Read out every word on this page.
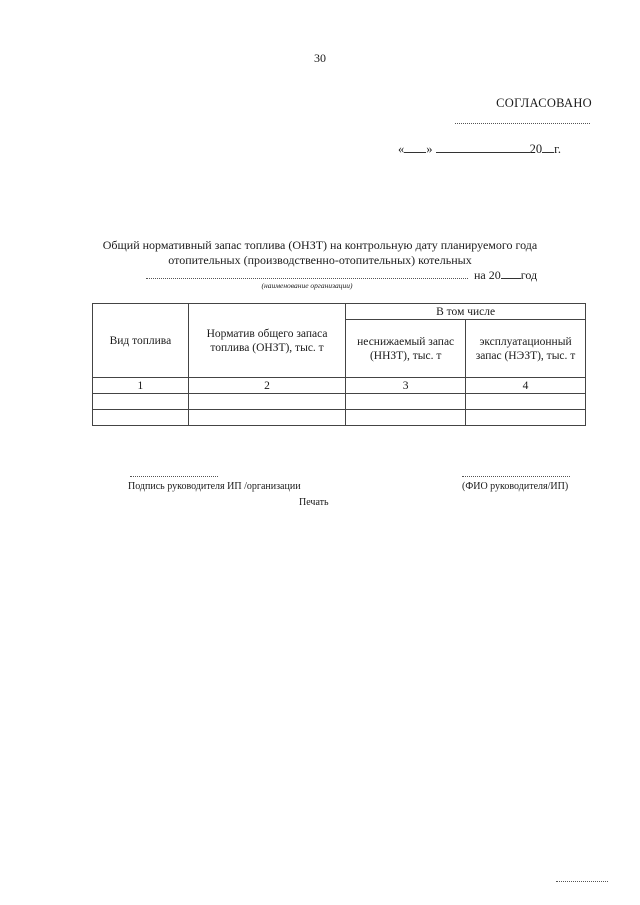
30
СОГЛАСОВАНО
« »	20 г.
Общий нормативный запас топлива (ОНЗТ) на контрольную дату планируемого года
отопительных (производственно-отопительных) котельных
на 20 год
(наименование организации)
Вид топлива	Норматив общего запаса топлива (ОНЗТ), тыс. т	В том числе	
		неснижаемый запас (ННЗТ), тыс. т	эксплуатационный запас (НЭЗТ), тыс. т
1	2	3	4

Подпись руководителя ИП /организации	(ФИО руководителя/ИП)
Печать
